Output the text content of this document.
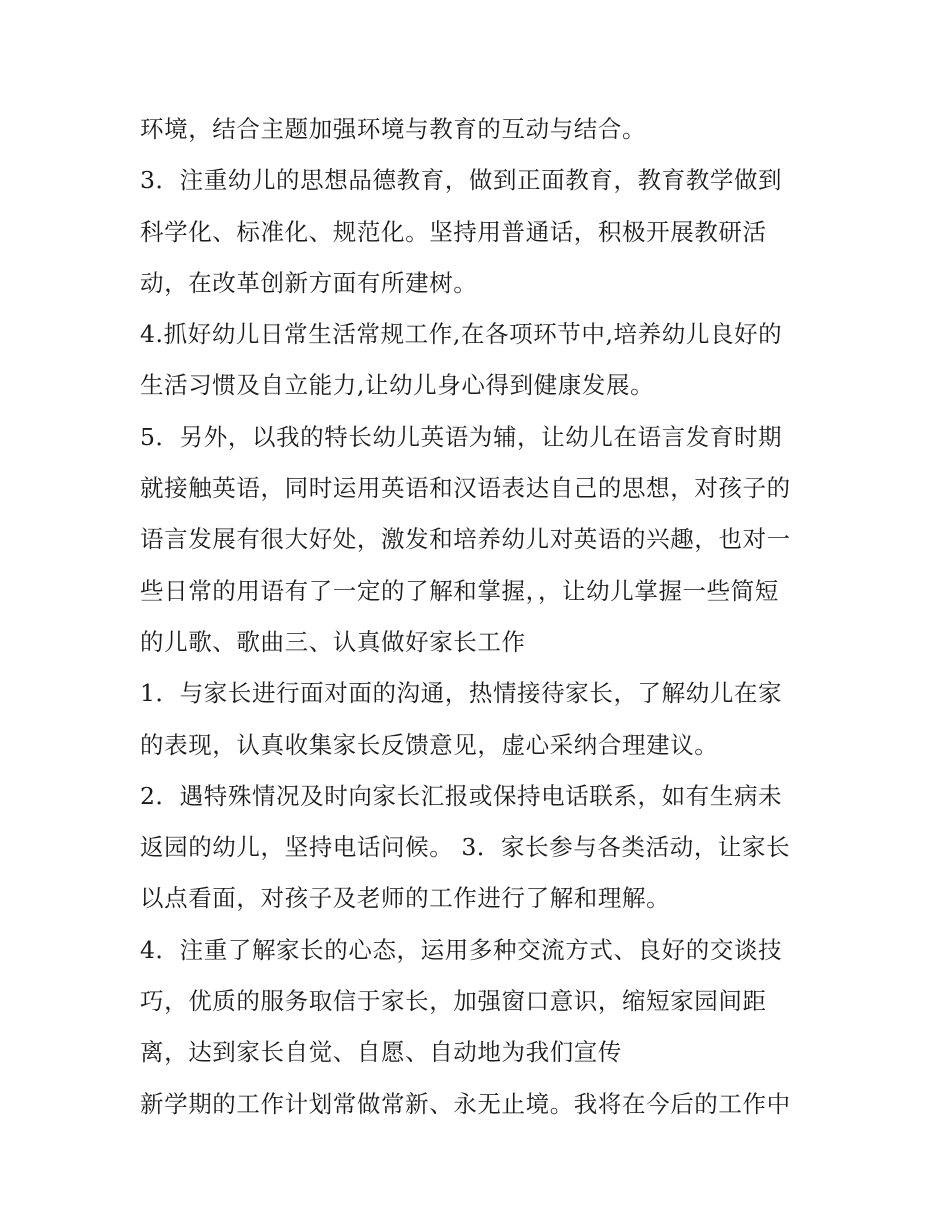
环境，结合主题加强环境与教育的互动与结合。
3．注重幼儿的思想品德教育，做到正面教育，教育教学做到
科学化、标准化、规范化。坚持用普通话，积极开展教研活
动，在改革创新方面有所建树。
4.抓好幼儿日常生活常规工作,在各项环节中,培养幼儿良好的
生活习惯及自立能力,让幼儿身心得到健康发展。
5．另外，以我的特长幼儿英语为辅，让幼儿在语言发育时期
就接触英语，同时运用英语和汉语表达自己的思想，对孩子的
语言发展有很大好处，激发和培养幼儿对英语的兴趣，也对一
些日常的用语有了一定的了解和掌握，，让幼儿掌握一些简短
的儿歌、歌曲三、认真做好家长工作
1．与家长进行面对面的沟通，热情接待家长，了解幼儿在家
的表现，认真收集家长反馈意见，虚心采纳合理建议。
2．遇特殊情况及时向家长汇报或保持电话联系，如有生病未
返园的幼儿，坚持电话问候。 3．家长参与各类活动，让家长
以点看面，对孩子及老师的工作进行了解和理解。
4．注重了解家长的心态，运用多种交流方式、良好的交谈技
巧，优质的服务取信于家长，加强窗口意识，缩短家园间距
离，达到家长自觉、自愿、自动地为我们宣传
新学期的工作计划常做常新、永无止境。我将在今后的工作中
